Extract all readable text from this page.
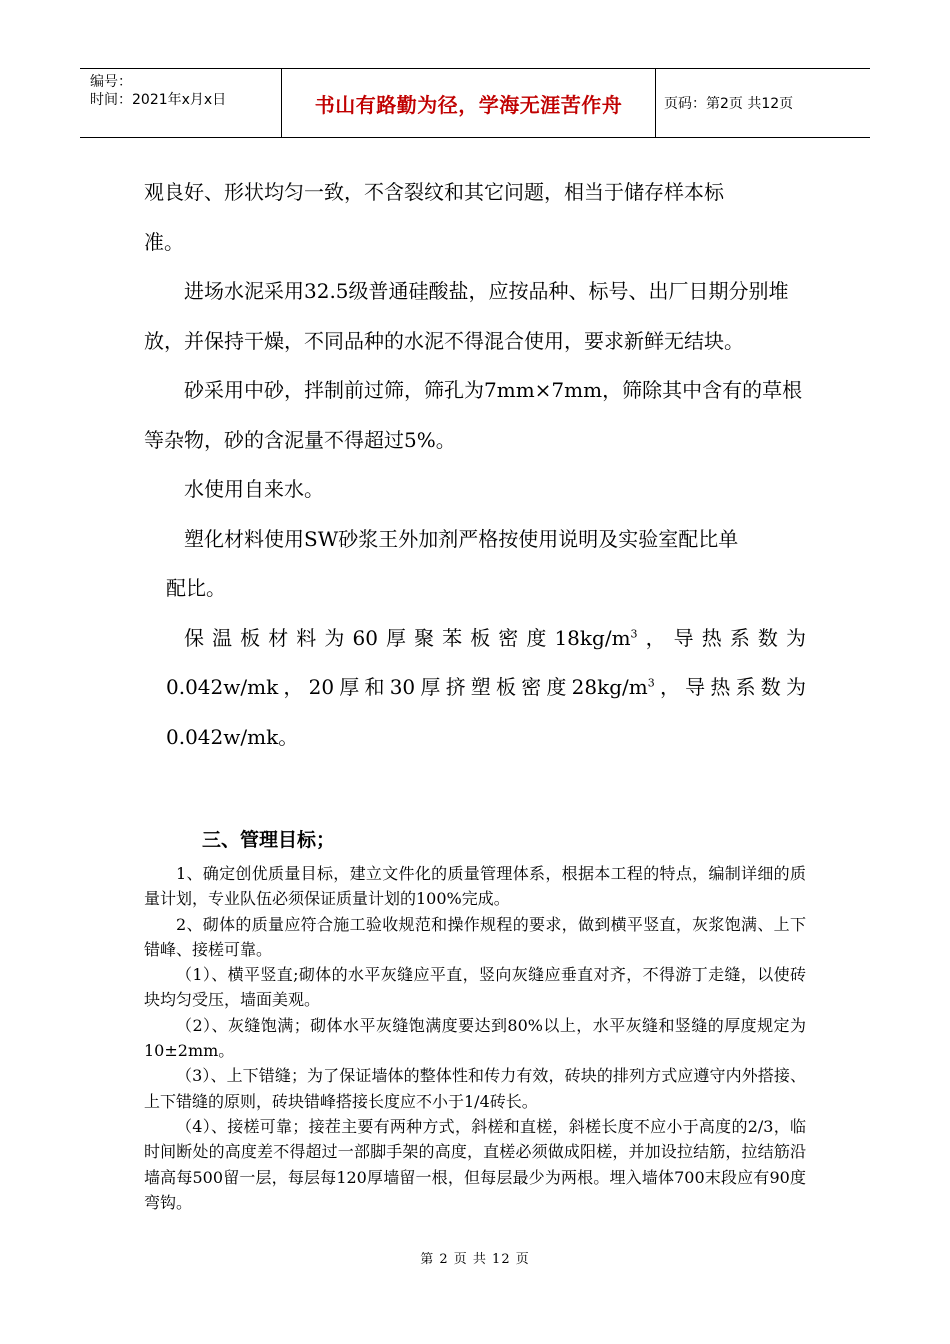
编号：
时间：2021年x月x日	书山有路勤为径，学海无涯苦作舟	页码：第2页 共12页

观良好、形状均匀一致，不含裂纹和其它问题，相当于储存样本标

准。

进场水泥采用32.5级普通硅酸盐，应按品种、标号、出厂日期分别堆放，并保持干燥，不同品种的水泥不得混合使用，要求新鲜无结块。

砂采用中砂，拌制前过筛，筛孔为7mm×7mm，筛除其中含有的草根等杂物，砂的含泥量不得超过5%。

水使用自来水。

塑化材料使用SW砂浆王外加剂严格按使用说明及实验室配比单

配比。

保温板材料为60厚聚苯板密度$18kg/m^3$，导热系数为

0.042w/mk，20厚和30厚挤塑板密度$28kg/m^3$，导热系数为

0.042w/mk。

三、管理目标；

1、确定创优质量目标，建立文件化的质量管理体系，根据本工程的特点，编制详细的质量计划，专业队伍必须保证质量计划的100%完成。

2、砌体的质量应符合施工验收规范和操作规程的要求，做到横平竖直，灰浆饱满、上下错峰、接槎可靠。

（1）、横平竖直;砌体的水平灰缝应平直，竖向灰缝应垂直对齐，不得游丁走缝，以使砖块均匀受压，墙面美观。

（2）、灰缝饱满；砌体水平灰缝饱满度要达到80%以上，水平灰缝和竖缝的厚度规定为10±2mm。

（3）、上下错缝；为了保证墙体的整体性和传力有效，砖块的排列方式应遵守内外搭接、上下错缝的原则，砖块错峰搭接长度应不小于1/4砖长。

（4）、接槎可靠；接茬主要有两种方式，斜槎和直槎，斜槎长度不应小于高度的2/3，临时间断处的高度差不得超过一部脚手架的高度，直槎必须做成阳槎，并加设拉结筋，拉结筋沿墙高每500留一层，每层每120厚墙留一根，但每层最少为两根。埋入墙体700末段应有90度弯钩。

第 2 页 共 12 页
